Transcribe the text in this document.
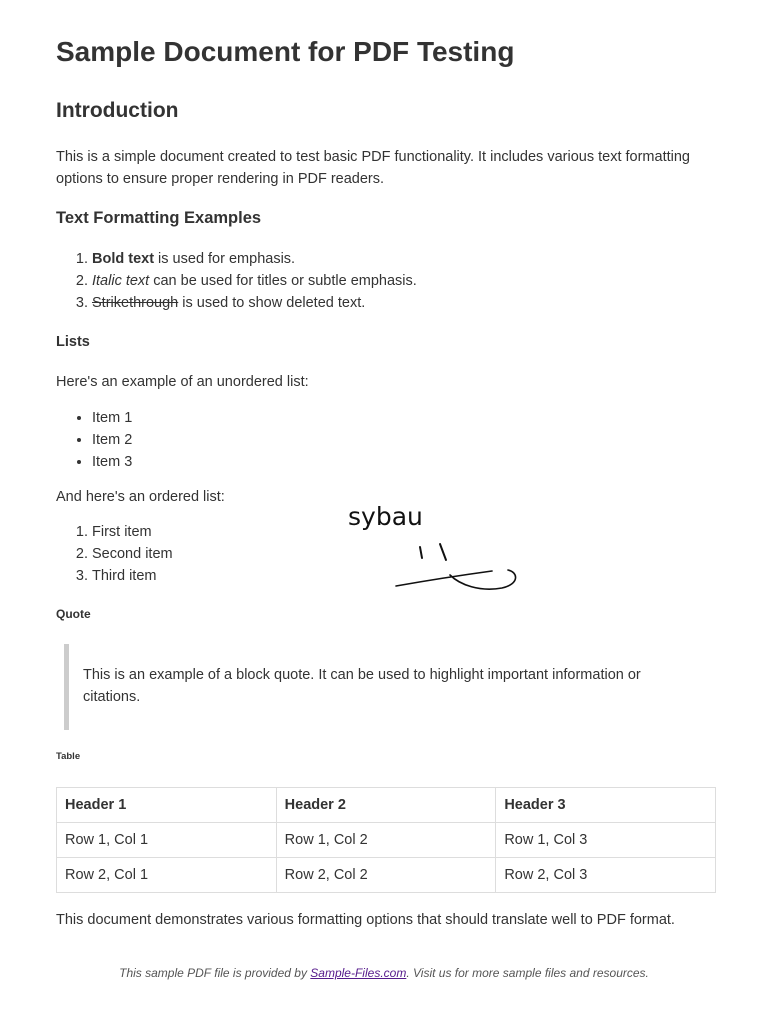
Sample Document for PDF Testing
Introduction

This is a simple document created to test basic PDF functionality. It includes various text formatting options to ensure proper rendering in PDF readers.

Text Formatting Examples
1. Bold text is used for emphasis.
2. Italic text can be used for titles or subtle emphasis.
3. Strikethrough is used to show deleted text.
Lists

Here's an example of an unordered list:

• Item 1
• Item 2
• Item 3

And here's an ordered list:

1. First item
2. Second item
3. Third item
Quote
This is an example of a block quote. It can be used to highlight important information or citations.
Table
Header 1	Header 2	Header 3
Row 1, Col 1	Row 1, Col 2	Row 1, Col 3
Row 2, Col 1	Row 2, Col 2	Row 2, Col 3

This document demonstrates various formatting options that should translate well to PDF format.

sybau
This sample PDF file is provided by Sample-Files.com. Visit us for more sample files and resources.
